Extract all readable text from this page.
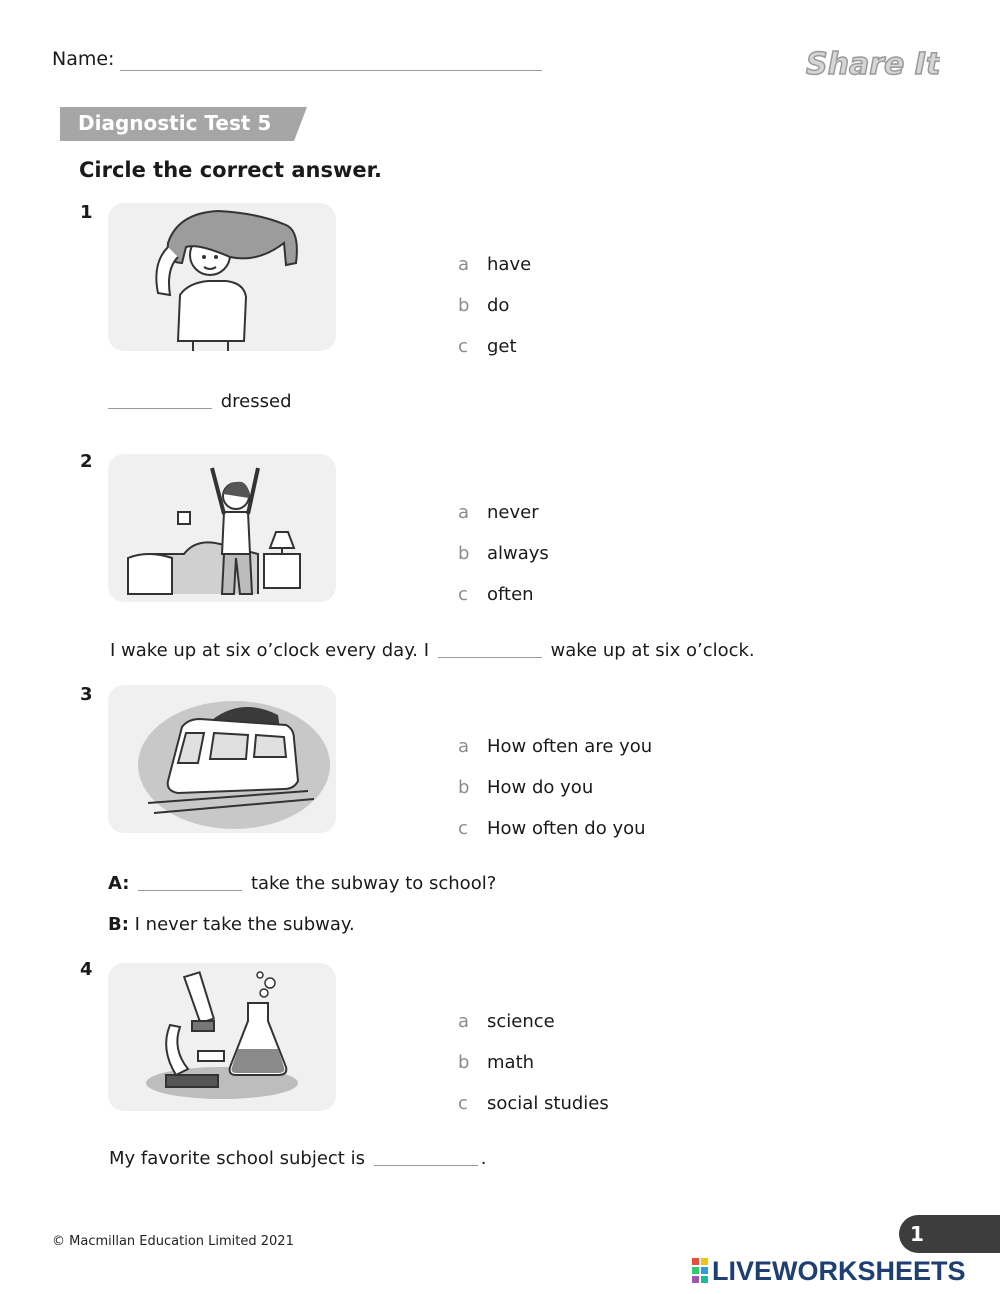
Name:	Share It!
Diagnostic Test 5
Circle the correct answer.
1
a have
b do
c get
dressed
2
a never
b always
c often
I wake up at six o’clock every day. I	wake up at six o’clock.
3
a How often are you
b How do you
c How often do you
A:	take the subway to school?
B: I never take the subway.
4
a science
b math
c social studies
My favorite school subject is	.
© Macmillan Education Limited 2021	1
LIVEWORKSHEETS
